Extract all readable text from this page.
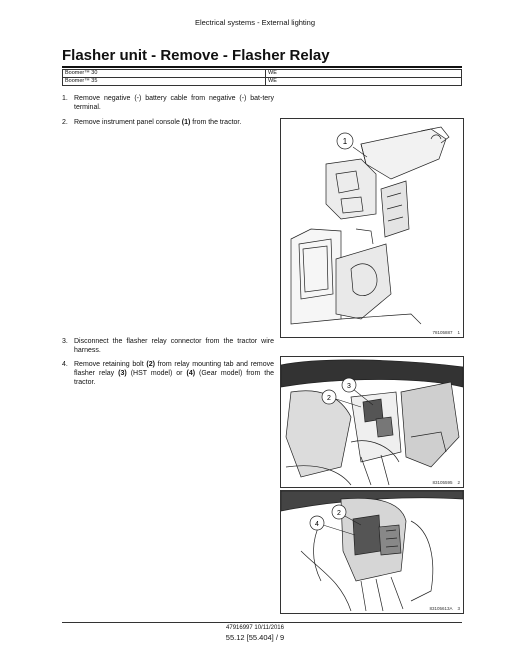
Electrical systems - External lighting
Flasher unit - Remove - Flasher Relay
Boomer™ 30	WE
Boomer™ 35	WE
1. Remove negative (-) battery cable from negative (-) bat-tery terminal.
2. Remove instrument panel console (1) from the tractor.
3. Disconnect the flasher relay connector from the tractor wire harness.
4. Remove retaining bolt (2) from relay mounting tab and remove flasher relay (3) (HST model) or (4) (Gear model) from the tractor.
1
78105887 1
2
3
83105595 2
4
2
83105613A 3
47916997 10/11/2016
55.12 [55.404] / 9
